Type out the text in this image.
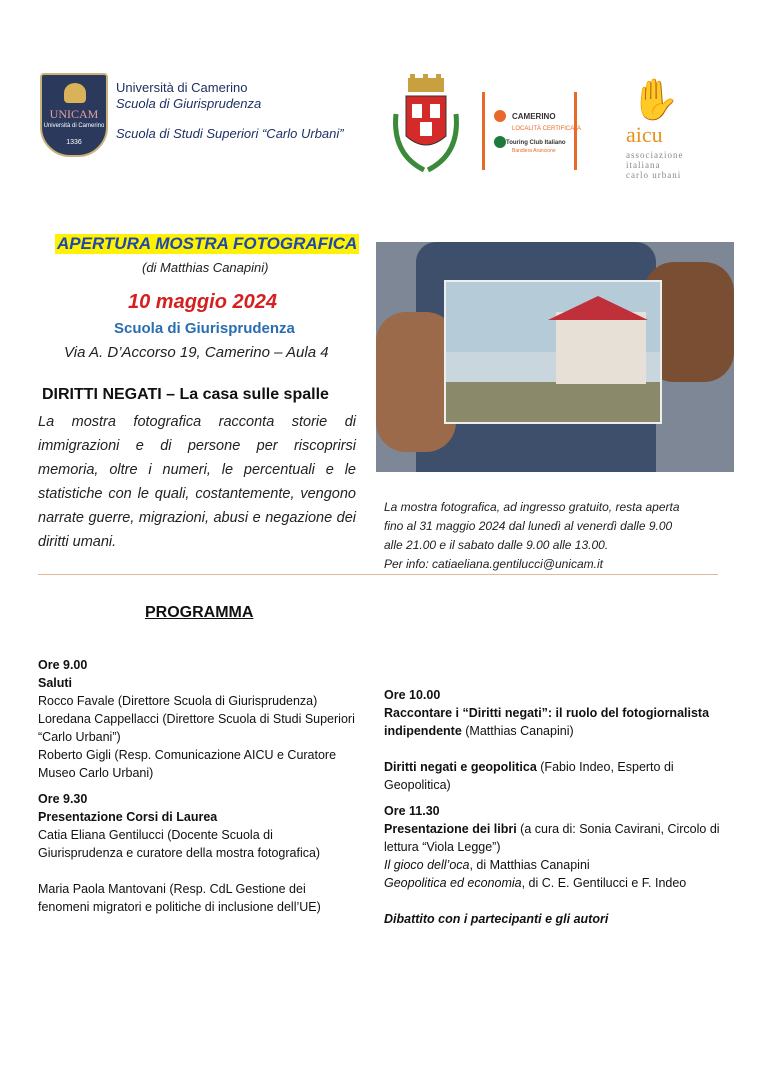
UNICAM
Università di Camerino
1336
Università di Camerino
Scuola di Giurisprudenza
Scuola di Studi Superiori “Carlo Urbani”
CAMERINO
LOCALITÀ CERTIFICATA
Touring Club Italiano
Bandiera Arancione
✋
aicu
associazione italiana carlo urbani
APERTURA MOSTRA FOTOGRAFICA
(di Matthias Canapini)
10 maggio 2024
Scuola di Giurisprudenza
Via A. D’Accorso 19, Camerino – Aula 4
DIRITTI NEGATI – La casa sulle spalle
La mostra fotografica racconta storie di immigrazioni e di persone per riscoprirsi memoria, oltre i numeri, le percentuali e le statistiche con le quali, costantemente, vengono narrate guerre, migrazioni, abusi e negazione dei diritti umani.
La mostra fotografica, ad ingresso gratuito, resta aperta
fino al 31 maggio 2024 dal lunedì al venerdì dalle 9.00
alle 21.00 e il sabato dalle 9.00 alle 13.00.
Per info: catiaeliana.gentilucci@unicam.it
PROGRAMMA

Ore 9.00

Saluti

Rocco Favale (Direttore Scuola di Giurisprudenza)

Loredana Cappellacci (Direttore Scuola di Studi Superiori “Carlo Urbani”)

Roberto Gigli (Resp. Comunicazione AICU e Curatore Museo Carlo Urbani)

Ore 9.30

Presentazione Corsi di Laurea

Catia Eliana Gentilucci (Docente Scuola di Giurisprudenza e curatore della mostra fotografica)

Maria Paola Mantovani (Resp. CdL Gestione dei fenomeni migratori e politiche di inclusione dell’UE)

Ore 10.00

Raccontare i “Diritti negati”: il ruolo del fotogiornalista indipendente (Matthias Canapini)

Diritti negati e geopolitica (Fabio Indeo, Esperto di Geopolitica)

Ore 11.30

Presentazione dei libri (a cura di: Sonia Cavirani, Circolo di lettura “Viola Legge”)

Il gioco dell’oca, di Matthias Canapini

Geopolitica ed economia, di C. E. Gentilucci e F. Indeo

Dibattito con i partecipanti e gli autori
